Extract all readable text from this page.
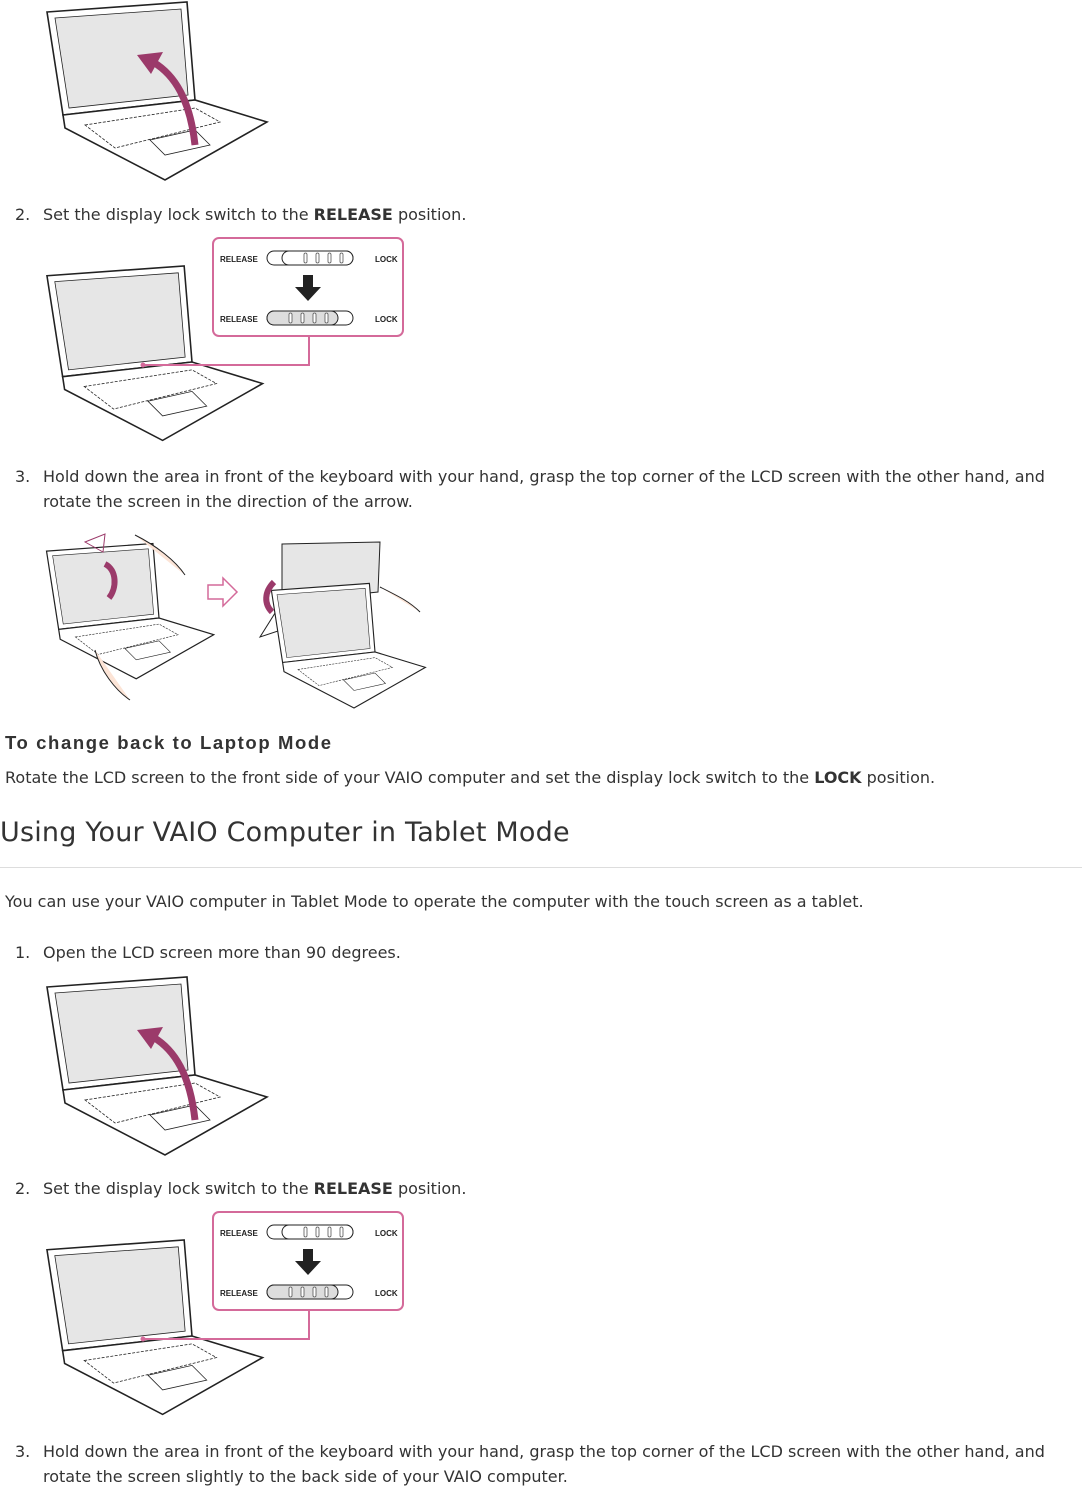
2. Set the display lock switch to the RELEASE position.
RELEASE	LOCK
RELEASE	LOCK
3. Hold down the area in front of the keyboard with your hand, grasp the top corner of the LCD screen with the other hand, and rotate the screen in the direction of the arrow.
To change back to Laptop Mode
Rotate the LCD screen to the front side of your VAIO computer and set the display lock switch to the LOCK position.
Using Your VAIO Computer in Tablet Mode
You can use your VAIO computer in Tablet Mode to operate the computer with the touch screen as a tablet.
1. Open the LCD screen more than 90 degrees.
2. Set the display lock switch to the RELEASE position.
RELEASE	LOCK
RELEASE	LOCK
3. Hold down the area in front of the keyboard with your hand, grasp the top corner of the LCD screen with the other hand, and rotate the screen slightly to the back side of your VAIO computer.
